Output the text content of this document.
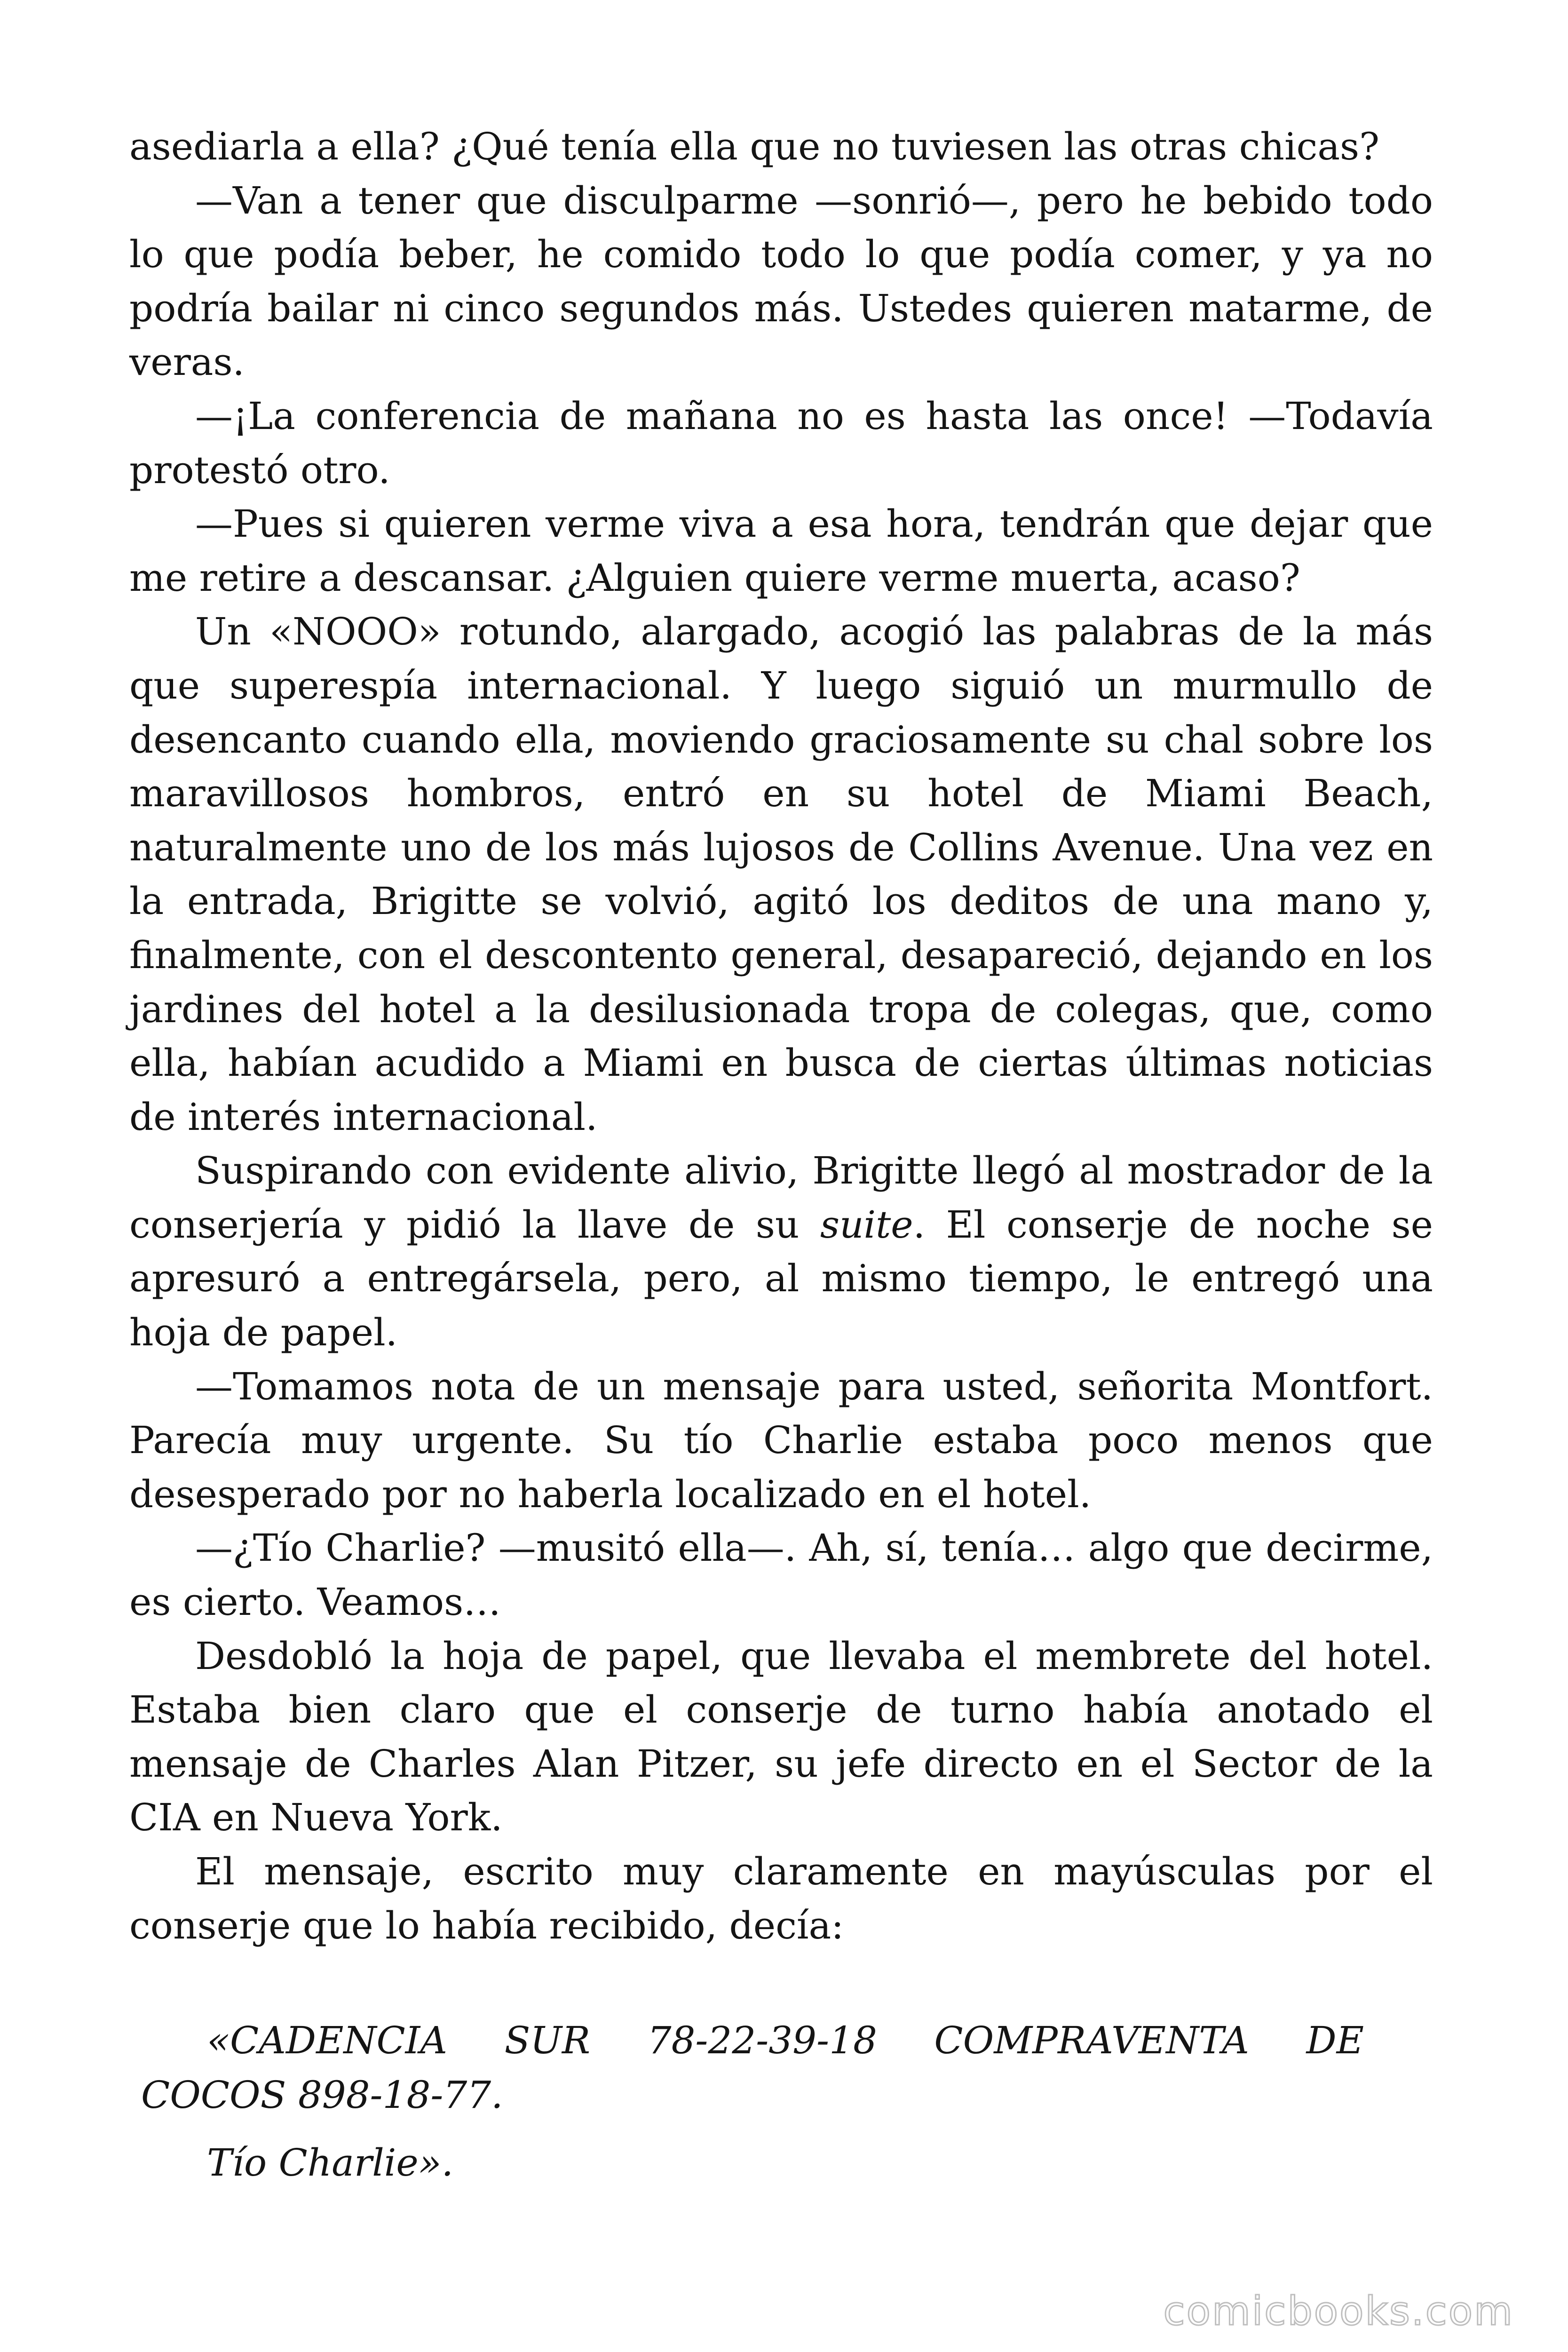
asediarla a ella? ¿Qué tenía ella que no tuviesen las otras chicas?

—Van a tener que disculparme —sonrió—, pero he bebido todo lo que podía beber, he comido todo lo que podía comer, y ya no podría bailar ni cinco segundos más. Ustedes quieren matarme, de veras.

—¡La conferencia de mañana no es hasta las once! —Todavía protestó otro.

—Pues si quieren verme viva a esa hora, tendrán que dejar que me retire a descansar. ¿Alguien quiere verme muerta, acaso?

Un «NOOO» rotundo, alargado, acogió las palabras de la más que superespía internacional. Y luego siguió un murmullo de desencanto cuando ella, moviendo graciosamente su chal sobre los maravillosos hombros, entró en su hotel de Miami Beach, naturalmente uno de los más lujosos de Collins Avenue. Una vez en la entrada, Brigitte se volvió, agitó los deditos de una mano y, finalmente, con el descontento general, desapareció, dejando en los jardines del hotel a la desilusionada tropa de colegas, que, como ella, habían acudido a Miami en busca de ciertas últimas noticias de interés internacional.

Suspirando con evidente alivio, Brigitte llegó al mostrador de la conserjería y pidió la llave de su suite. El conserje de noche se apresuró a entregársela, pero, al mismo tiempo, le entregó una hoja de papel.

—Tomamos nota de un mensaje para usted, señorita Montfort. Parecía muy urgente. Su tío Charlie estaba poco menos que desesperado por no haberla localizado en el hotel.

—¿Tío Charlie? —musitó ella—. Ah, sí, tenía… algo que decirme, es cierto. Veamos…

Desdobló la hoja de papel, que llevaba el membrete del hotel. Estaba bien claro que el conserje de turno había anotado el mensaje de Charles Alan Pitzer, su jefe directo en el Sector de la CIA en Nueva York.

El mensaje, escrito muy claramente en mayúsculas por el conserje que lo había recibido, decía:

«CADENCIA SUR 78-22-39-18 COMPRAVENTA DE
COCOS 898-18-77.
Tío Charlie».
comicbooks.com
